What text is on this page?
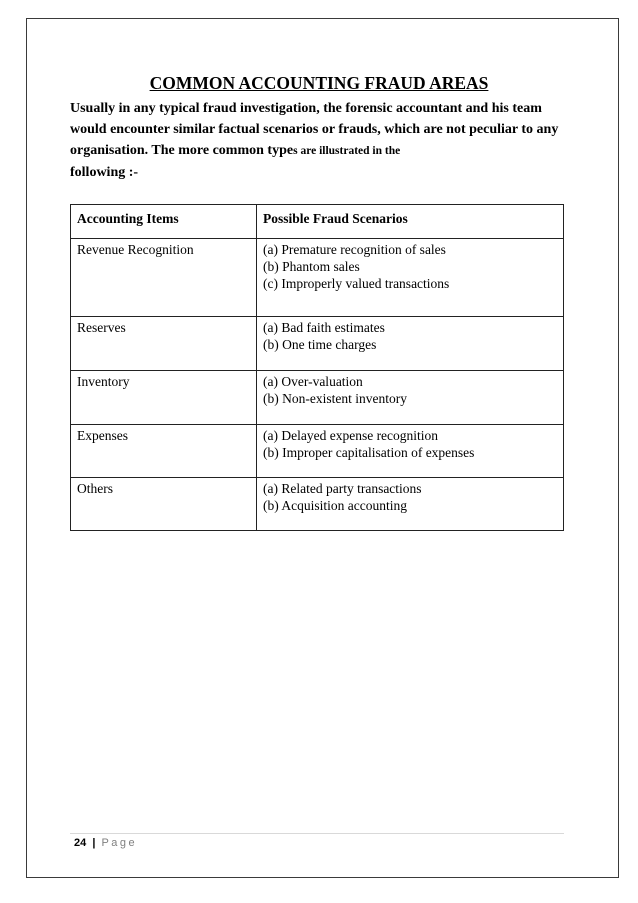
COMMON ACCOUNTING FRAUD AREAS

Usually in any typical fraud investigation, the forensic accountant and his team would encounter similar factual scenarios or frauds, which are not peculiar to any organisation. The more common types are illustrated in the
following :-

Accounting Items	Possible Fraud Scenarios
Revenue Recognition	(a) Premature recognition of sales
(b) Phantom sales
(c) Improperly valued transactions

Reserves	(a) Bad faith estimates
(b) One time charges

Inventory	(a) Over-valuation
(b) Non-existent inventory

Expenses	(a) Delayed expense recognition
(b) Improper capitalisation of expenses

Others	(a) Related party transactions
(b) Acquisition accounting
24 | Page
